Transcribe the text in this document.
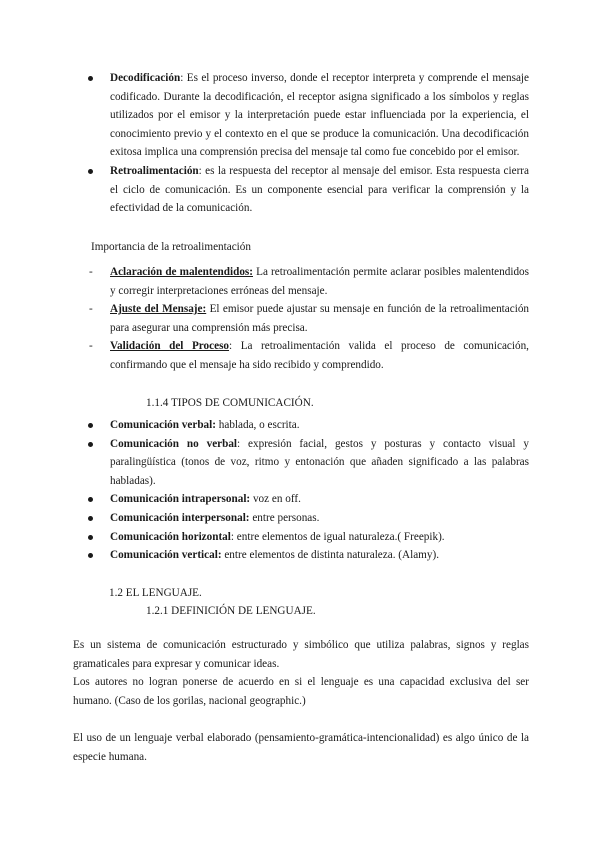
Decodificación: Es el proceso inverso, donde el receptor interpreta y comprende el mensaje codificado. Durante la decodificación, el receptor asigna significado a los símbolos y reglas utilizados por el emisor y la interpretación puede estar influenciada por la experiencia, el conocimiento previo y el contexto en el que se produce la comunicación. Una decodificación exitosa implica una comprensión precisa del mensaje tal como fue concebido por el emisor.
Retroalimentación: es la respuesta del receptor al mensaje del emisor. Esta respuesta cierra el ciclo de comunicación. Es un componente esencial para verificar la comprensión y la efectividad de la comunicación.
Importancia de la retroalimentación
- Aclaración de malentendidos: La retroalimentación permite aclarar posibles malentendidos y corregir interpretaciones erróneas del mensaje.
- Ajuste del Mensaje: El emisor puede ajustar su mensaje en función de la retroalimentación para asegurar una comprensión más precisa.
- Validación del Proceso: La retroalimentación valida el proceso de comunicación, confirmando que el mensaje ha sido recibido y comprendido.
1.1.4 TIPOS DE COMUNICACIÓN.
Comunicación verbal: hablada, o escrita.
Comunicación no verbal: expresión facial, gestos y posturas y contacto visual y paralingüística (tonos de voz, ritmo y entonación que añaden significado a las palabras habladas).
Comunicación intrapersonal: voz en off.
Comunicación interpersonal: entre personas.
Comunicación horizontal: entre elementos de igual naturaleza.( Freepik).
Comunicación vertical: entre elementos de distinta naturaleza. (Alamy).
1.2 EL LENGUAJE.
1.2.1 DEFINICIÓN DE LENGUAJE.
Es un sistema de comunicación estructurado y simbólico que utiliza palabras, signos y reglas gramaticales para expresar y comunicar ideas.
Los autores no logran ponerse de acuerdo en si el lenguaje es una capacidad exclusiva del ser humano. (Caso de los gorilas, nacional geographic.)
El uso de un lenguaje verbal elaborado (pensamiento-gramática-intencionalidad) es algo único de la especie humana.
